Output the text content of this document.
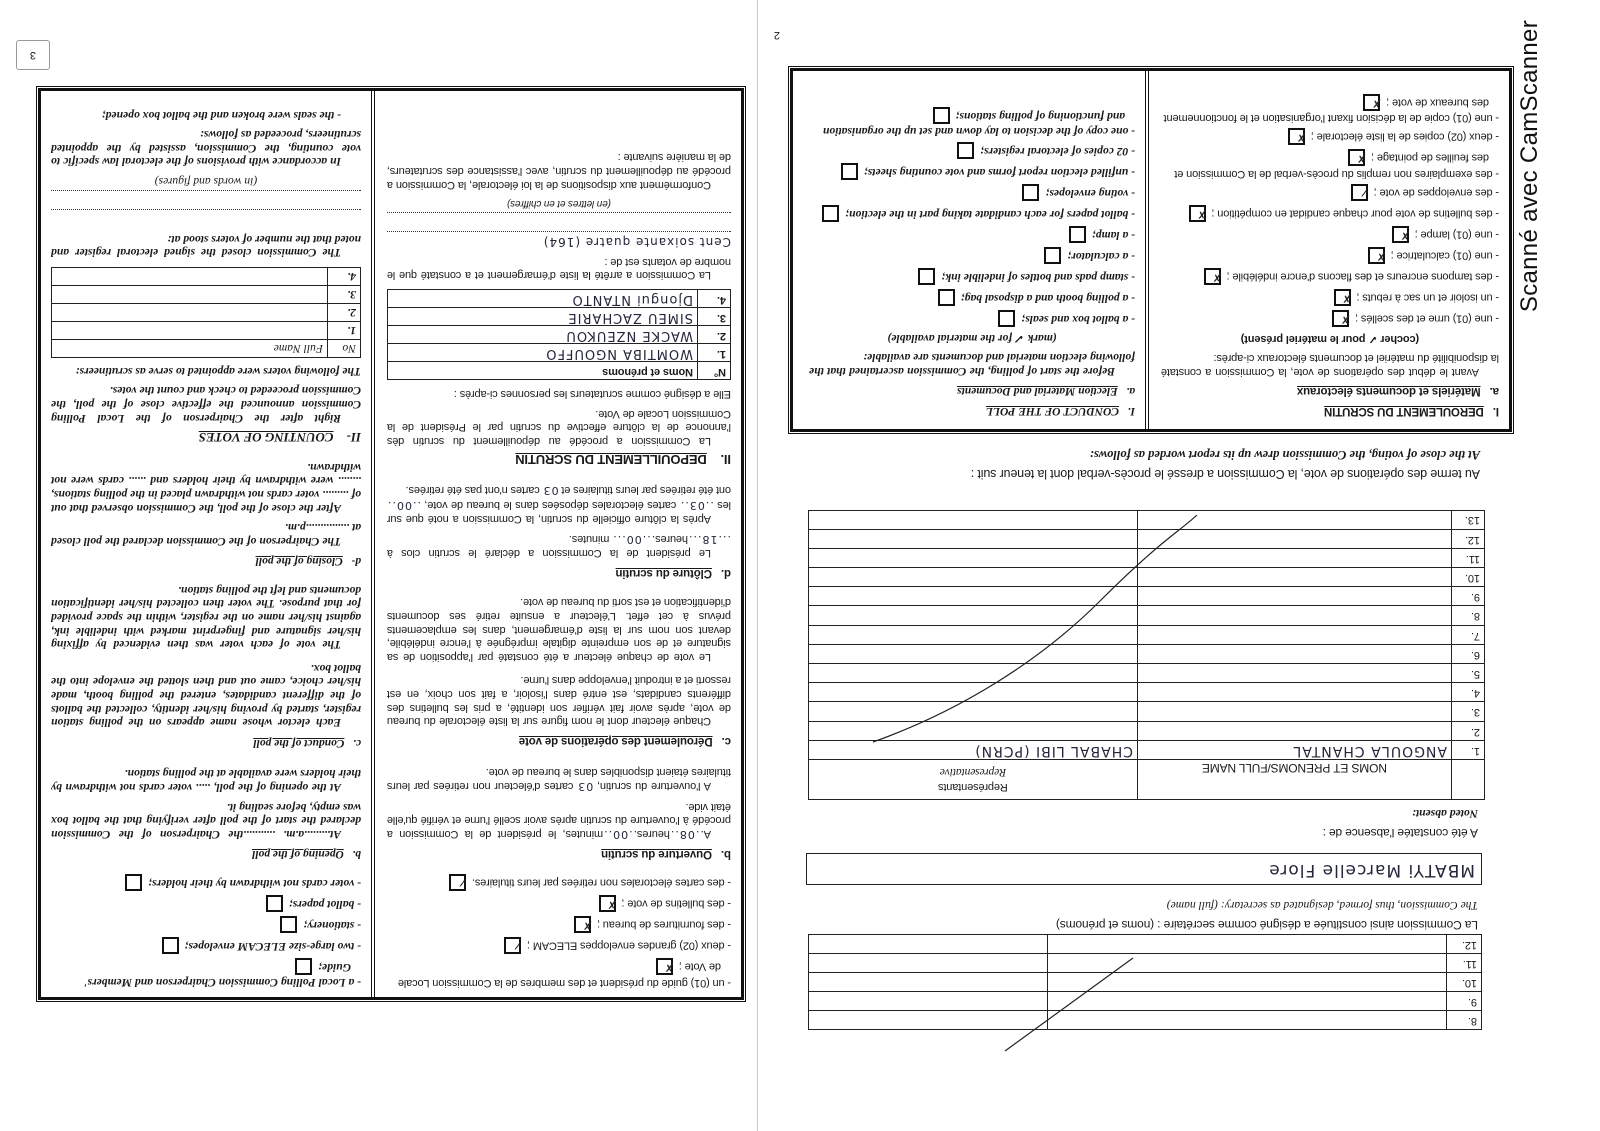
Scanné avec CamScanner
3
2
8.		
9.		
10.		
11.		
12.		
La Commission ainsi constituée a désigné comme secrétaire : (noms et prénoms)
The Commission, thus formed, designated as secretary: (full name)
MBATYi Marcelle Flore
A été constatée l'absence de :
Noted absent:
	NOMS ET PRENOMS/FULL NAME	Représentants
Representative

1.	ANGOULA CHANTAL	CHABAL LIBI (PCRN)
2.		
3.		
4.		
5.		
6.		
7.		
8.		
9.		
10.		
11.		
12.		
13.		
Au terme des opérations de vote, la Commission a dressé le procès-verbal dont la teneur suit :
At the close of voting, the Commission drew up its report worded as follows:
I.   DEROULEMENT DU SCRUTIN
a.   Matériels et documents électoraux

Avant le début des opérations de vote, la Commission a constaté la disponibilité du matériel et documents électoraux ci-après:

(cocher ✓ pour le matériel présent)

- une (01) urne et des scellés ;✗
- un isoloir et un sac à rebuts ;✗
- des tampons encreurs et des flacons d'encre indélébile ;✗
- une (01) calculatrice ;✗
- une (01) lampe ;✗
- des bulletins de vote pour chaque candidat en compétition ;✗
- des enveloppes de vote ;✓
- des exemplaires non remplis du procès-verbal de la Commission et des feuilles de pointage ;✗
- deux (02) copies de la liste électorale ;✗
- une (01) copie de la décision fixant l'organisation et le fonctionnement des bureaux de vote ;✗
I.   CONDUCT OF THE POLL
a.   Election Material and Documents

Before the start of polling, the Commission ascertained that the following election material and documents are available:

(mark ✓ for the material available)

- a ballot box and seals;
- a polling booth and a disposal bag;
- stamp pads and bottles of indelible ink;
- a calculator;
- a lamp;
- ballot papers for each candidate taking part in the election;
- voting envelopes;
- unfilled election report forms and vote counting sheets;
- 02 copies of electoral registers;
- one copy of the decision to lay down and set up the organisation and functioning of polling stations;
- un (01) guide du président et des membres de la Commission Locale de Vote ;✗
- deux (02) grandes enveloppes ELECAM ;✓
- des fournitures de bureau ;✗
- des bulletins de vote ;✗
- des cartes électorales non retirées par leurs titulaires.✓
b.   Ouverture du scrutin

A..08..heures..00..minutes, le président de la Commission a procédé à l'ouverture du scrutin après avoir scellé l'urne et vérifié qu'elle était vide.

A l'ouverture du scrutin, 03 cartes d'électeur non retirées par leurs titulaires étaient disponibles dans le bureau de vote.

c.   Déroulement des opérations de vote

Chaque électeur dont le nom figure sur la liste électorale du bureau de vote, après avoir fait vérifier son identité, a pris les bulletins des différents candidats, est entré dans l'isoloir, a fait son choix, en est ressorti et a introduit l'enveloppe dans l'urne.

Le vote de chaque électeur a été constaté par l'apposition de sa signature et de son empreinte digitale imprégnée à l'encre indélébile, devant son nom sur la liste d'émargement, dans les emplacements prévus à cet effet. L'électeur a ensuite retiré ses documents d'identification et est sorti du bureau de vote.

d.   Clôture du scrutin

Le président de la Commission a déclaré le scrutin clos à ...18...heures...00... minutes.

Après la clôture officielle du scrutin, la Commission a noté que sur les ..03.. cartes électorales déposées dans le bureau de vote, ..00.. ont été retirées par leurs titulaires et 03 cartes n'ont pas été retirées.

II.    DEPOUILLEMENT DU SCRUTIN

La Commission a procédé au dépouillement du scrutin dès l'annonce de la clôture effective du scrutin par le Président de la Commission Locale de Vote.

Elle a désigné comme scrutateurs les personnes ci-après :

N°	Noms et prénoms
1.	WOMTIBA NGOUFFO
2.	WACKE NZEUKOU
3.	SIMEU ZACHARIE
4.	Djongui NTANTO

La Commission a arrêté la liste d'émargement et a constaté que le nombre de votants est de :

Cent soixante quatre (164)

(en lettres et en chiffres)

Conformément aux dispositions de la loi électorale, la Commission a procédé au dépouillement du scrutin, avec l'assistance des scrutateurs, de la manière suivante :

- a Local Polling Commission Chairperson and Members' Guide;
- two large-size ELECAM envelopes;
- stationery;
- ballot papers;
- voter cards not withdrawn by their holders;
b.   Opening of the poll

At.........a.m. ...........the Chairperson of the Commission declared the start of the poll after verifying that the ballot box was empty, before sealing it.

At the opening of the poll, ..... voter cards not withdrawn by their holders were available at the polling station.

c.   Conduct of the poll

Each elector whose name appears on the polling station register, started by proving his/her identity, collected the ballots of the different candidates, entered the polling booth, made his/her choice, came out and then slotted the envelope into the ballot box.

The vote of each voter was then evidenced by affixing his/her signature and fingerprint marked with indelible ink, against his/her name on the register, within the space provided for that purpose. The voter then collected his/her identification documents and left the polling station.

d-   Closing of the poll

The Chairperson of the Commission declared the poll closed at ...............p.m.

After the close of the poll, the Commission observed that out of ......... voter cards not withdrawn placed in the polling stations, ........ were withdrawn by their holders and ...... cards were not withdrawn.

II-    COUNTING OF VOTES

Right after the Chairperson of the Local Polling Commission announced the effective close of the poll, the Commission proceeded to check and count the votes.

The following voters were appointed to serve as scrutineers:

No	Full Name
1.	
2.	
3.	
4.	

The Commission closed the signed electoral register and noted that the number of voters stood at:

(in words and figures)

In accordance with provisions of the electoral law specific to vote counting, the Commission, assisted by the appointed scrutineers, proceeded as follows:

- the seals were broken and the ballot box opened;
